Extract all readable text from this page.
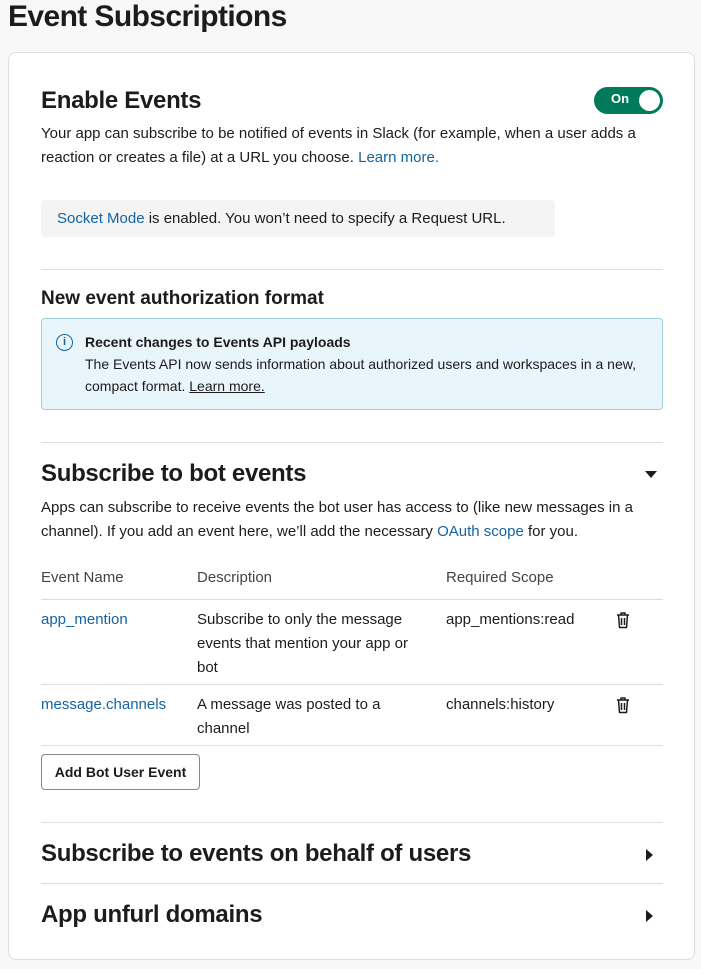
Event Subscriptions
Enable Events	On
Your app can subscribe to be notified of events in Slack (for example, when a user adds a reaction or creates a file) at a URL you choose. Learn more.
Socket Mode is enabled. You won’t need to specify a Request URL.
New event authorization format
i	Recent changes to Events API payloads
The Events API now sends information about authorized users and workspaces in a new, compact format. Learn more.
Subscribe to bot events
Apps can subscribe to receive events the bot user has access to (like new messages in a channel). If you add an event here, we’ll add the necessary OAuth scope for you.
Event Name	Description	Required Scope	
app_mention	Subscribe to only the message events that mention your app or bot	app_mentions:read	
message.channels	A message was posted to a channel	channels:history	
Add Bot User Event
Subscribe to events on behalf of users
App unfurl domains
